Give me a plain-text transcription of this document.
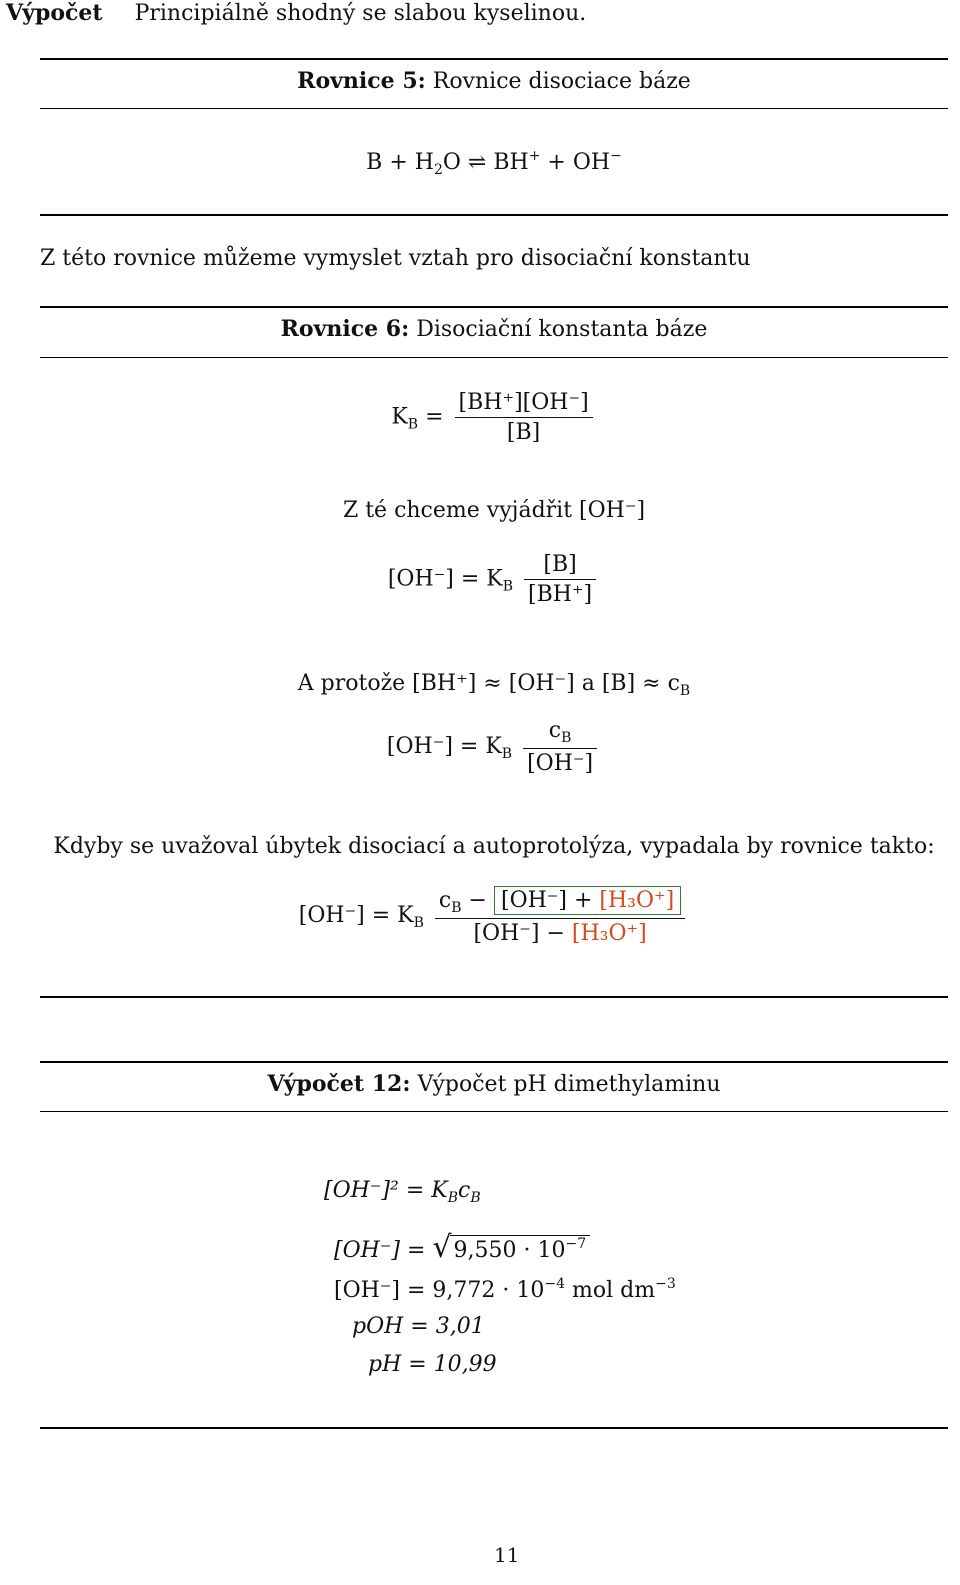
Výpočet Principiálně shodný se slabou kyselinou.
Rovnice 5: Rovnice disociace báze
$B + H_2O$ ⇌ BH+ + OH−
Z této rovnice můžeme vymyslet vztah pro disociační konstantu
Rovnice 6: Disociační konstanta báze
$K_B = \frac{[BH^+][OH^-]}{[B]}$
Z té chceme vyjádřit [OH⁻]
$[OH^-] = K_B \frac{[B]}{[BH^+]}$
A protože [BH⁺] ≈ [OH⁻] a $[B] \approx c_B$
$[OH^-] = K_B \frac{c_B}{[OH^-]}$
Kdyby se uvažoval úbytek disociací a autoprotolýza, vypadala by rovnice takto:
$[OH^-] = K_B \frac{c_B - [OH^-] + [H_3O^+]}{\text{[OH⁻] − [H₃O⁺]}}$
Výpočet 12: Výpočet pH dimethylaminu
$[OH^-]^2 = K_Bc_B$
$[OH^-] = √9,550 \cdot 10^{-7}$
$[OH^-] = 9,772 \cdot 10^{-4}$ mol $dm^{-3}$
pOH = 3,01
pH = 10,99
11
